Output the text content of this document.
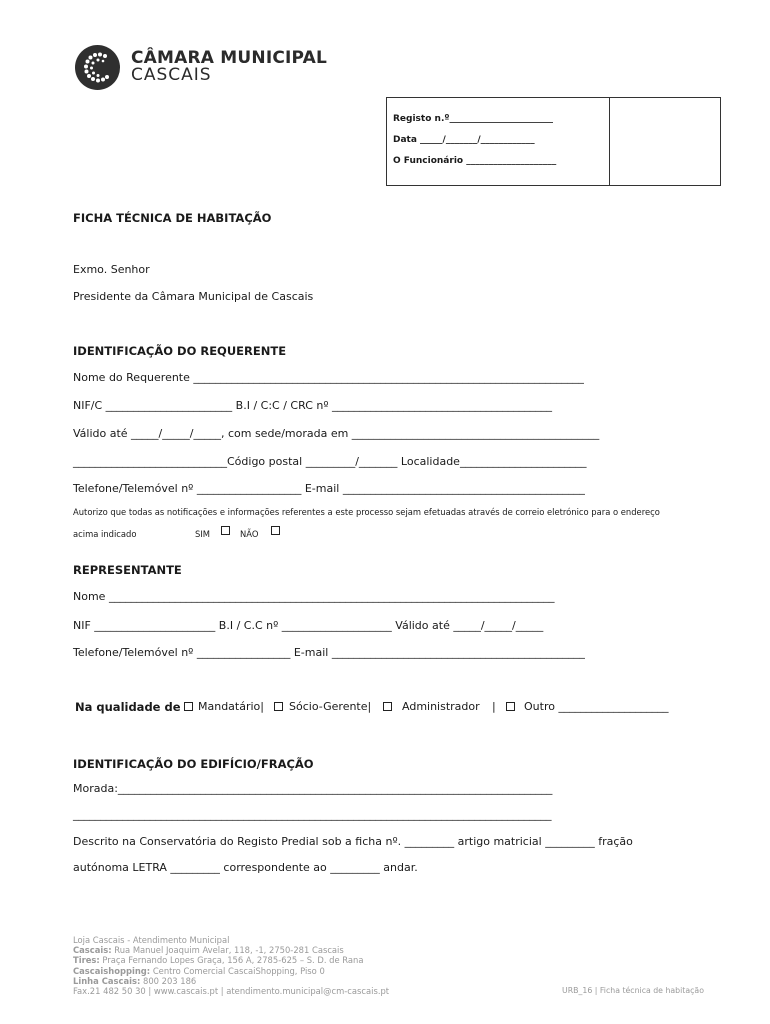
CÂMARA MUNICIPAL
CASCAIS
Registo n.º_______________________
Data _____/_______/____________
O Funcionário ____________________
FICHA TÉCNICA DE HABITAÇÃO
Exmo. Senhor
Presidente da Câmara Municipal de Cascais
IDENTIFICAÇÃO DO REQUERENTE
Nome do Requerente _______________________________________________________________________
NIF/C _______________________ B.I / C:C / CRC nº ________________________________________
Válido até _____/_____/_____, com sede/morada em _____________________________________________
____________________________Código postal _________/_______ Localidade_______________________
Telefone/Telemóvel nº ___________________ E-mail ____________________________________________
Autorizo que todas as notificações e informações referentes a este processo sejam efetuadas através de correio eletrónico para o endereço
acima indicado	SIM	NÃO
REPRESENTANTE
Nome _________________________________________________________________________________
NIF ______________________ B.I / C.C nº ____________________ Válido até _____/_____/_____
Telefone/Telemóvel nº _________________ E-mail ______________________________________________
Na qualidade de Mandatário| Sócio-Gerente|	Administrador |	Outro ____________________
IDENTIFICAÇÃO DO EDIFÍCIO/FRAÇÃO
Morada:_______________________________________________________________________________
_______________________________________________________________________________________
Descrito na Conservatória do Registo Predial sob a ficha nº. _________ artigo matricial _________ fração
autónoma LETRA _________ correspondente ao _________ andar.
Loja Cascais - Atendimento Municipal
Cascais: Rua Manuel Joaquim Avelar, 118, -1, 2750-281 Cascais
Tires: Praça Fernando Lopes Graça, 156 A, 2785-625 – S. D. de Rana
Cascaishopping: Centro Comercial CascaiShopping, Piso 0
Linha Cascais: 800 203 186
Fax.21 482 50 30 | www.cascais.pt | atendimento.municipal@cm-cascais.pt	URB_16 | Ficha técnica de habitação
